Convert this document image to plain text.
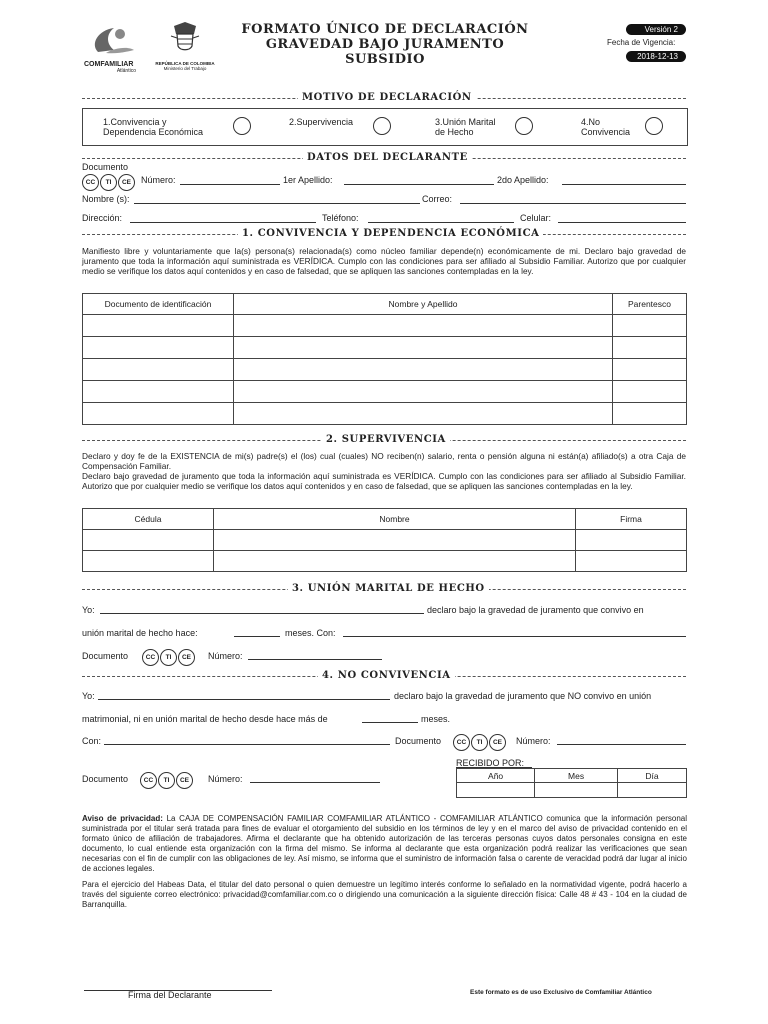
COMFAMILIAR
Atlántico
REPÚBLICA DE COLOMBIA
Ministerio del Trabajo
FORMATO ÚNICO DE DECLARACIÓN
GRAVEDAD BAJO JURAMENTO
SUBSIDIO
Versión 2
Fecha de Vigencia:
2018-12-13
MOTIVO DE DECLARACIÓN
1.Convivencia y
Dependencia Económica
2.Supervivencia	3.Unión Marital
de Hecho
4.No
Convivencia
DATOS DEL DECLARANTE
Documento
CC TI CE	Número:	1er Apellido:	2do Apellido:
Nombre (s):	Correo:
Dirección:	Teléfono:	Celular:
1. CONVIVENCIA Y DEPENDENCIA ECONÓMICA
Manifiesto libre y voluntariamente que la(s) persona(s) relacionada(s) como núcleo familiar depende(n) económicamente de mi. Declaro bajo gravedad de juramento que toda la información aquí suministrada es VERÍDICA. Cumplo con las condiciones para ser afiliado al Subsidio Familiar. Autorizo que por cualquier medio se verifique los datos aquí contenidos y en caso de falsedad, que se apliquen las sanciones contempladas en la ley.
Documento de identificación	Nombre y Apellido	Parentesco

2. SUPERVIVENCIA
Declaro y doy fe de la EXISTENCIA de mi(s) padre(s) el (los) cual (cuales) NO reciben(n) salario, renta o pensión alguna ni están(a) afiliado(s) a otra Caja de Compensación Familiar.
Declaro bajo gravedad de juramento que toda la información aquí suministrada es VERÍDICA. Cumplo con las condiciones para ser afiliado al Subsidio Familiar. Autorizo que por cualquier medio se verifique los datos aquí contenidos y en caso de falsedad, que se apliquen las sanciones contempladas en la ley.
Cédula	Nombre	Firma

3. UNIÓN MARITAL DE HECHO
Yo:	declaro bajo la gravedad de juramento que convivo en
unión marital de hecho hace:	meses. Con:
Documento	CC TI CE	Número:
4. NO CONVIVENCIA
Yo:	declaro bajo la gravedad de juramento que NO convivo en unión
matrimonial, ni en unión marital de hecho desde hace más de	meses.
Con:	Documento	CC TI CE	Número:
Documento	CC TI CE	Número:
RECIBIDO POR:
Año	Mes	Día

Aviso de privacidad: La CAJA DE COMPENSACIÓN FAMILIAR COMFAMILIAR ATLÁNTICO - COMFAMILIAR ATLÁNTICO comunica que la información personal suministrada por el titular será tratada para fines de evaluar el otorgamiento del subsidio en los términos de ley y en el marco del aviso de privacidad contenido en el formato único de afiliación de trabajadores. Afirma el declarante que ha obtenido autorización de las terceras personas cuyos datos personales consigna en este documento, lo cual entiende esta organización con la firma del mismo. Se informa al declarante que esta organización podrá realizar las verificaciones que sean necesarias con el fin de cumplir con las obligaciones de ley. Así mismo, se informa que el suministro de información falsa o carente de veracidad podrá dar lugar al inicio de acciones legales.
Para el ejercicio del Habeas Data, el titular del dato personal o quien demuestre un legítimo interés conforme lo señalado en la normatividad vigente, podrá hacerlo a través del siguiente correo electrónico: privacidad@comfamiliar.com.co o dirigiendo una comunicación a la siguiente dirección física: Calle 48 # 43 - 104 en la ciudad de Barranquilla.
Firma del Declarante	Este formato es de uso Exclusivo de Comfamiliar Atlántico
